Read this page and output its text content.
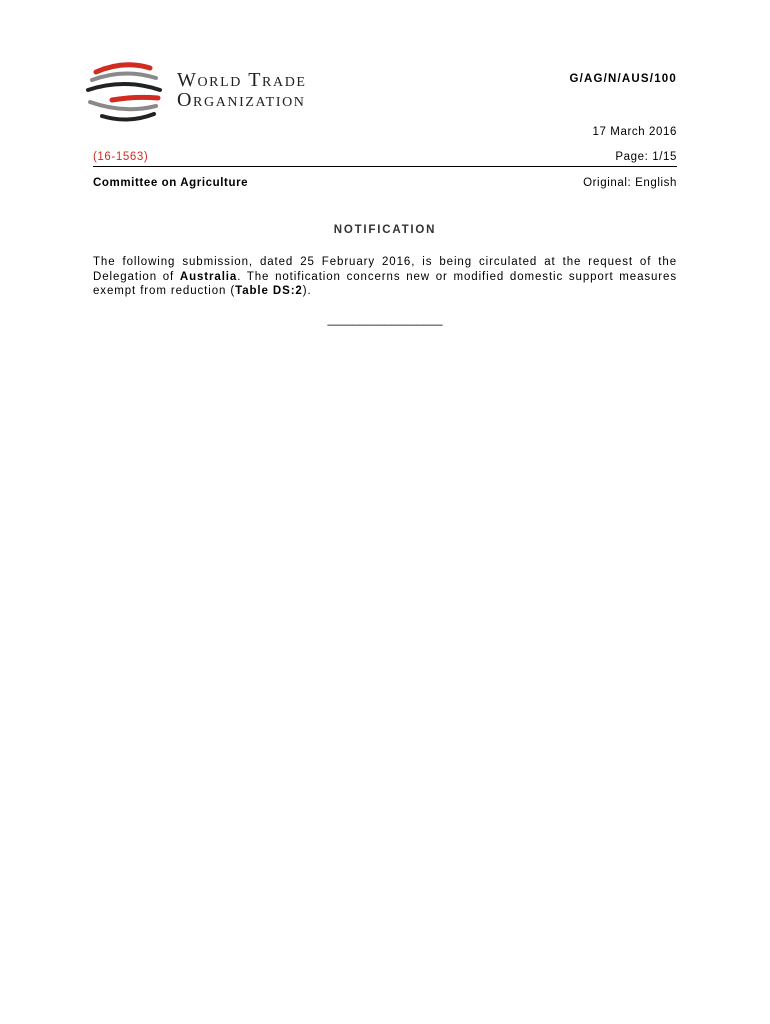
World Trade
Organization
G/AG/N/AUS/100
17 March 2016
(16-1563)	Page: 1/15
Committee on Agriculture	Original: English
NOTIFICATION
The following submission, dated 25 February 2016, is being circulated at the request of the Delegation of Australia. The notification concerns new or modified domestic support measures exempt from reduction (Table DS:2).
__________________
